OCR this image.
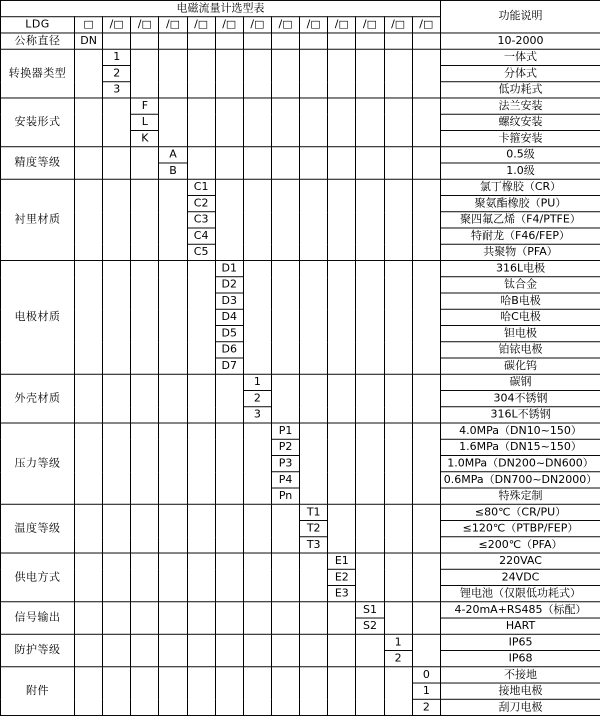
电磁流量计选型表														功能说明
LDG	□	/□	/□	/□	/□	/□	/□	/□	/□	/□	/□	/□	/□	
公称直径	DN													10-2000
转换器类型		1												一体式
		2												分体式
		3												低功耗式
安装形式			F											法兰安装
			L											螺纹安装
			K											卡箍安装
精度等级				A										0.5级
				B										1.0级
衬里材质					C1									氯丁橡胶（CR）
					C2									聚氨酯橡胶（PU）
					C3									聚四氟乙烯（F4/PTFE）
					C4									特耐龙（F46/FEP）
					C5									共聚物（PFA）
电极材质						D1								316L电极
						D2								钛合金
						D3								哈B电极
						D4								哈C电极
						D5								钽电极
						D6								铂铱电极
						D7								碳化钨
外壳材质							1							碳钢
							2							304不锈钢
							3							316L不锈钢
压力等级								P1						4.0MPa（DN10~150）
								P2						1.6MPa（DN15~150）
								P3						1.0MPa（DN200~DN600）
								P4						0.6MPa（DN700~DN2000）
								Pn						特殊定制
温度等级									T1					≤80℃（CR/PU）
									T2					≤120℃（PTBP/FEP）
									T3					≤200℃（PFA）
供电方式										E1				220VAC
										E2				24VDC
										E3				锂电池（仅限低功耗式）
信号输出											S1			4-20mA+RS485（标配）
											S2			HART
防护等级												1		IP65
												2		IP68
附件													0	不接地
													1	接地电极
													2	刮刀电极
